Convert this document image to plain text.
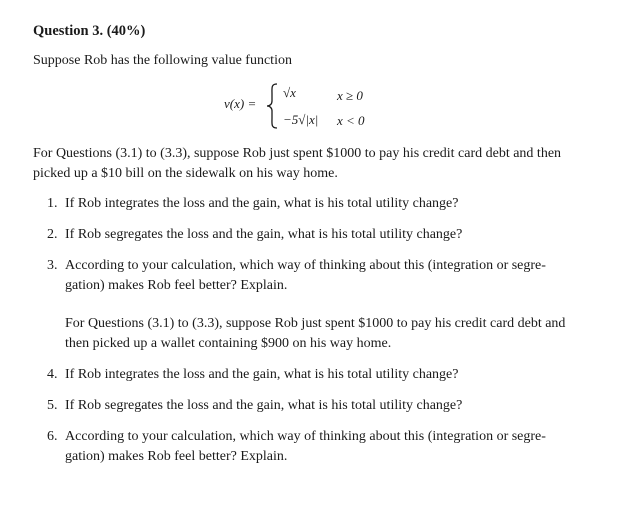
Question 3. (40%)
Suppose Rob has the following value function
v(x) =
√x	x ≥ 0
−5√|x| x < 0
For Questions (3.1) to (3.3), suppose Rob just spent $1000 to pay his credit card debt and then picked up a $10 bill on the sidewalk on his way home.
1. If Rob integrates the loss and the gain, what is his total utility change?
2. If Rob segregates the loss and the gain, what is his total utility change?
3. According to your calculation, which way of thinking about this (integration or segre- gation) makes Rob feel better? Explain.
For Questions (3.1) to (3.3), suppose Rob just spent $1000 to pay his credit card debt and then picked up a wallet containing $900 on his way home.
4. If Rob integrates the loss and the gain, what is his total utility change?
5. If Rob segregates the loss and the gain, what is his total utility change?
6. According to your calculation, which way of thinking about this (integration or segre- gation) makes Rob feel better? Explain.
